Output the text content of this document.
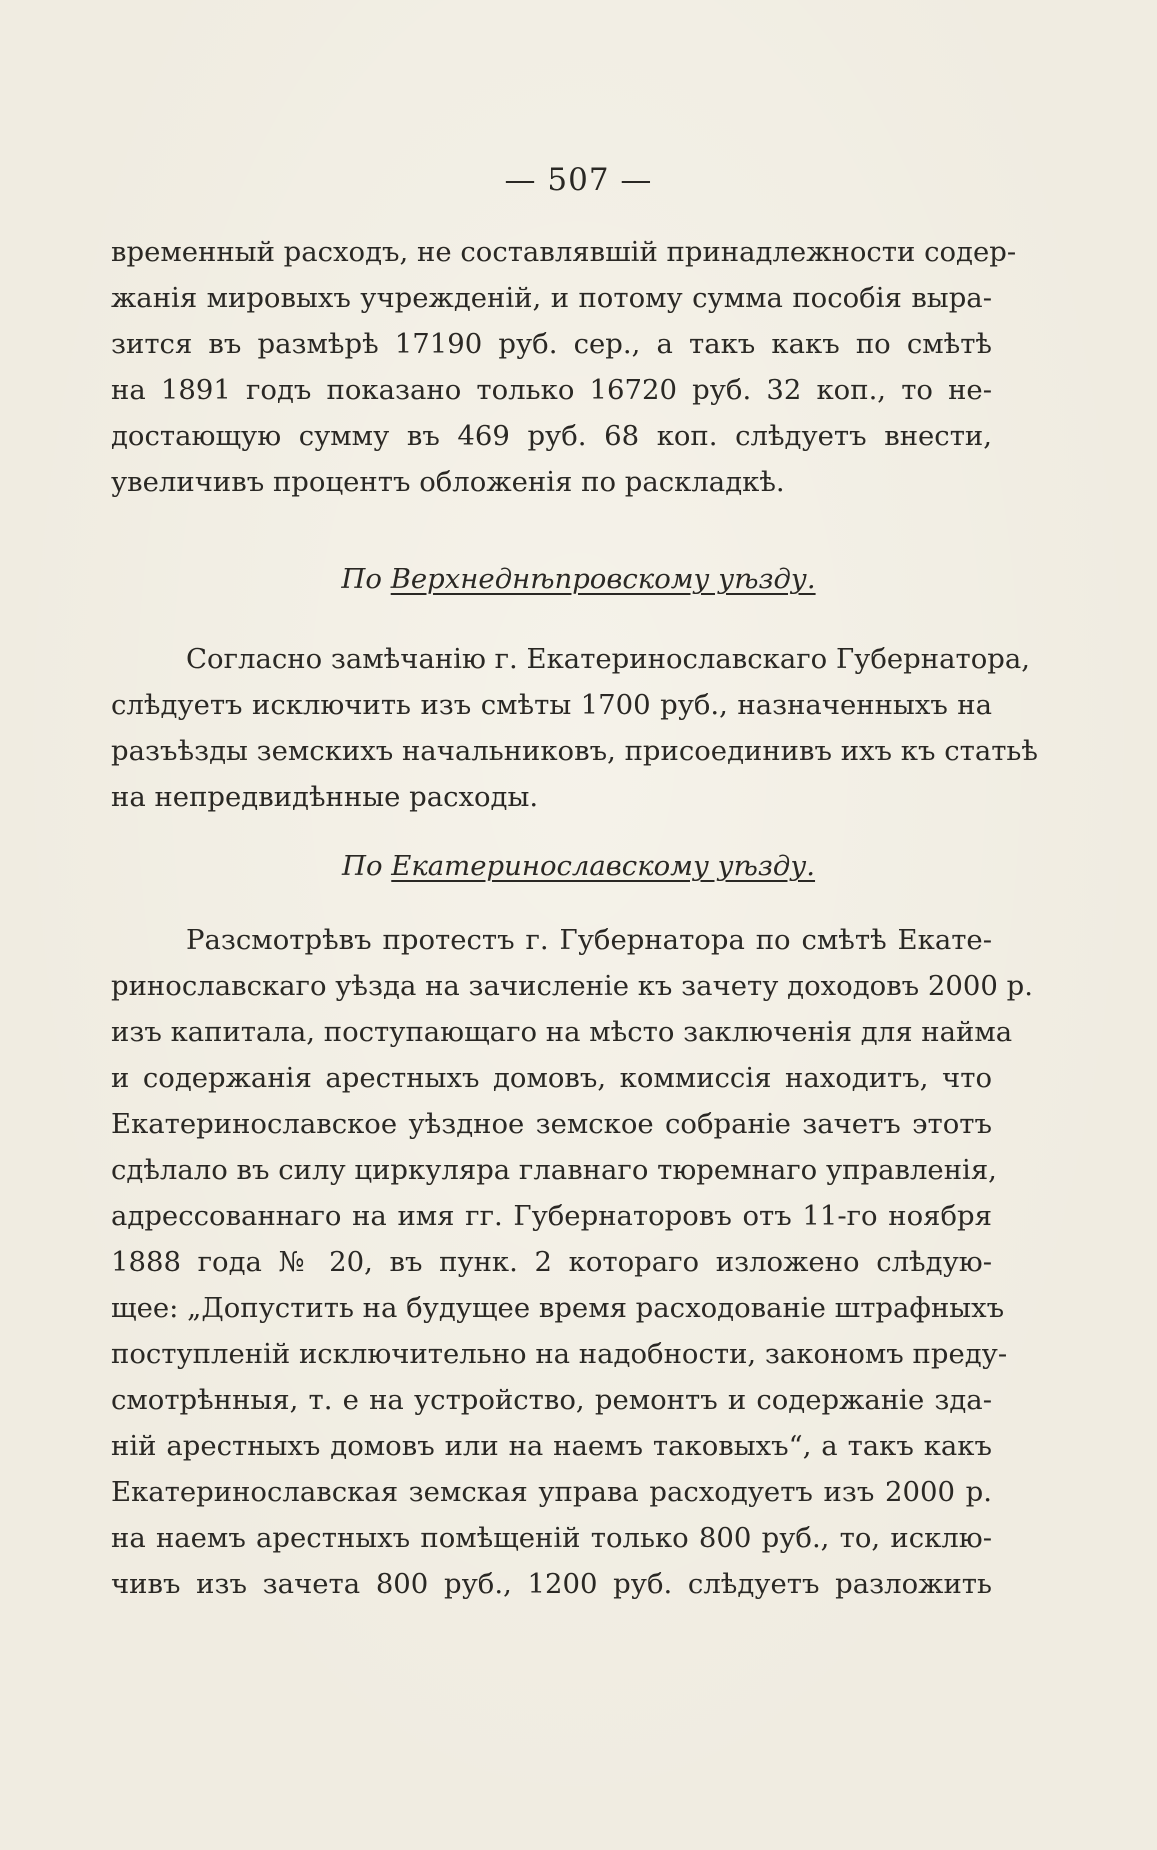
— 507 —
временный расходъ, не составлявшій принадлежности содер-
жанія мировыхъ учрежденій, и потому сумма пособія выра-
зится въ размѣрѣ 17190 руб. сер., а такъ какъ по смѣтѣ
на 1891 годъ показано только 16720 руб. 32 коп., то не-
достающую сумму въ 469 руб. 68 коп. слѣдуетъ внести,
увеличивъ процентъ обложенія по раскладкѣ.
По Верхнеднѣпровскому уѣзду.
Согласно замѣчанію г. Екатеринославскаго Губернатора,
слѣдуетъ исключить изъ смѣты 1700 руб., назначенныхъ на
разъѣзды земскихъ начальниковъ, присоединивъ ихъ къ статьѣ
на непредвидѣнные расходы.
По Екатеринославскому уѣзду.
Разсмотрѣвъ протестъ г. Губернатора по смѣтѣ Екате-
ринославскаго уѣзда на зачисленіе къ зачету доходовъ 2000 р.
изъ капитала, поступающаго на мѣсто заключенія для найма
и содержанія арестныхъ домовъ, коммиссія находитъ, что
Екатеринославское уѣздное земское собраніе зачетъ этотъ
сдѣлало въ силу циркуляра главнаго тюремнаго управленія,
адрессованнаго на имя гг. Губернаторовъ отъ 11-го ноября
1888 года № 20, въ пунк. 2 котораго изложено слѣдую-
щее: „Допустить на будущее время расходованіе штрафныхъ
поступленій исключительно на надобности, закономъ преду-
смотрѣнныя, т. е на устройство, ремонтъ и содержаніе зда-
ній арестныхъ домовъ или на наемъ таковыхъ“, а такъ какъ
Екатеринославская земская управа расходуетъ изъ 2000 р.
на наемъ арестныхъ помѣщеній только 800 руб., то, исклю-
чивъ изъ зачета 800 руб., 1200 руб. слѣдуетъ разложить
